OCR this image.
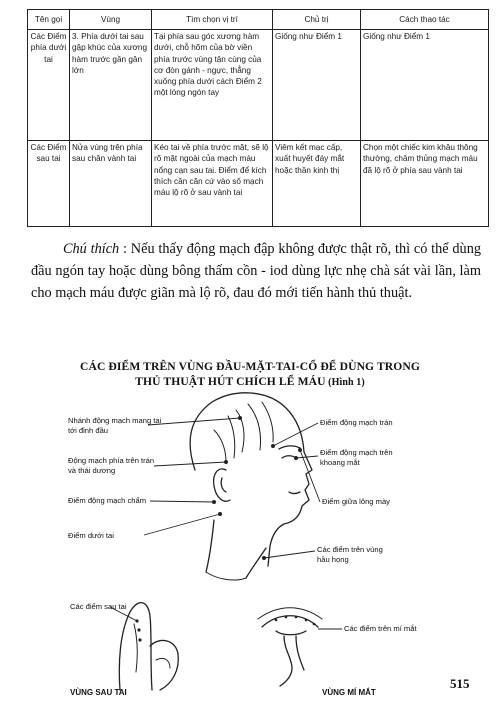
Tên gọi	Vùng	Tìm chọn vị trí	Chủ trị	Cách thao tác
Các Điểm phía dưới tai	3. Phía dưới tai sau gập khúc của xương hàm trước gần gân lớn	Tại phía sau góc xương hàm dưới, chỗ hõm của bờ viền phía trước vùng tận cùng của cơ đòn gánh - ngực, thẳng xuống phía dưới cách Điểm 2 một lóng ngón tay	Giống như Điểm 1	Giống như Điểm 1
Các Điểm sau tai	Nửa vùng trên phía sau chân vành tai	Kéo tai về phía trước mặt, sẽ lộ rõ mặt ngoài của mạch máu nổng cạn sau tai. Điểm để kích thích cần căn cứ vào số mạch máu lộ rõ ở sau vành tai	Viêm kết mạc cấp, xuất huyết đáy mắt hoặc thần kinh thị	Chọn một chiếc kim khâu thông thường, châm thủng mạch máu đã lộ rõ ở phía sau vành tai

Chú thích : Nếu thấy động mạch đập không được thật rõ, thì có thể dùng đầu ngón tay hoặc dùng bông thấm cồn - iod dùng lực nhẹ chà sát vài lần, làm cho mạch máu được giãn mà lộ rõ, đau đó mới tiến hành thủ thuật.

CÁC ĐIỂM TRÊN VÙNG ĐẦU-MẶT-TAI-CỔ ĐỂ DÙNG TRONG
THỦ THUẬT HÚT CHÍCH LỂ MÁU (Hình 1)
Nhánh động mạch mang tai
tới đỉnh đầu
Động mạch phía trên trán
và thái dương
Điểm động mạch chẩm
Điểm dưới tai
Điểm động mạch trán
Điểm động mạch trên
khoang mắt
Điểm giữa lông mày
Các điểm trên vùng
hầu họng
Các điểm sau tai
Các điểm trên mí mắt
VÙNG SAU TAI	VÙNG MÍ MẮT
515
